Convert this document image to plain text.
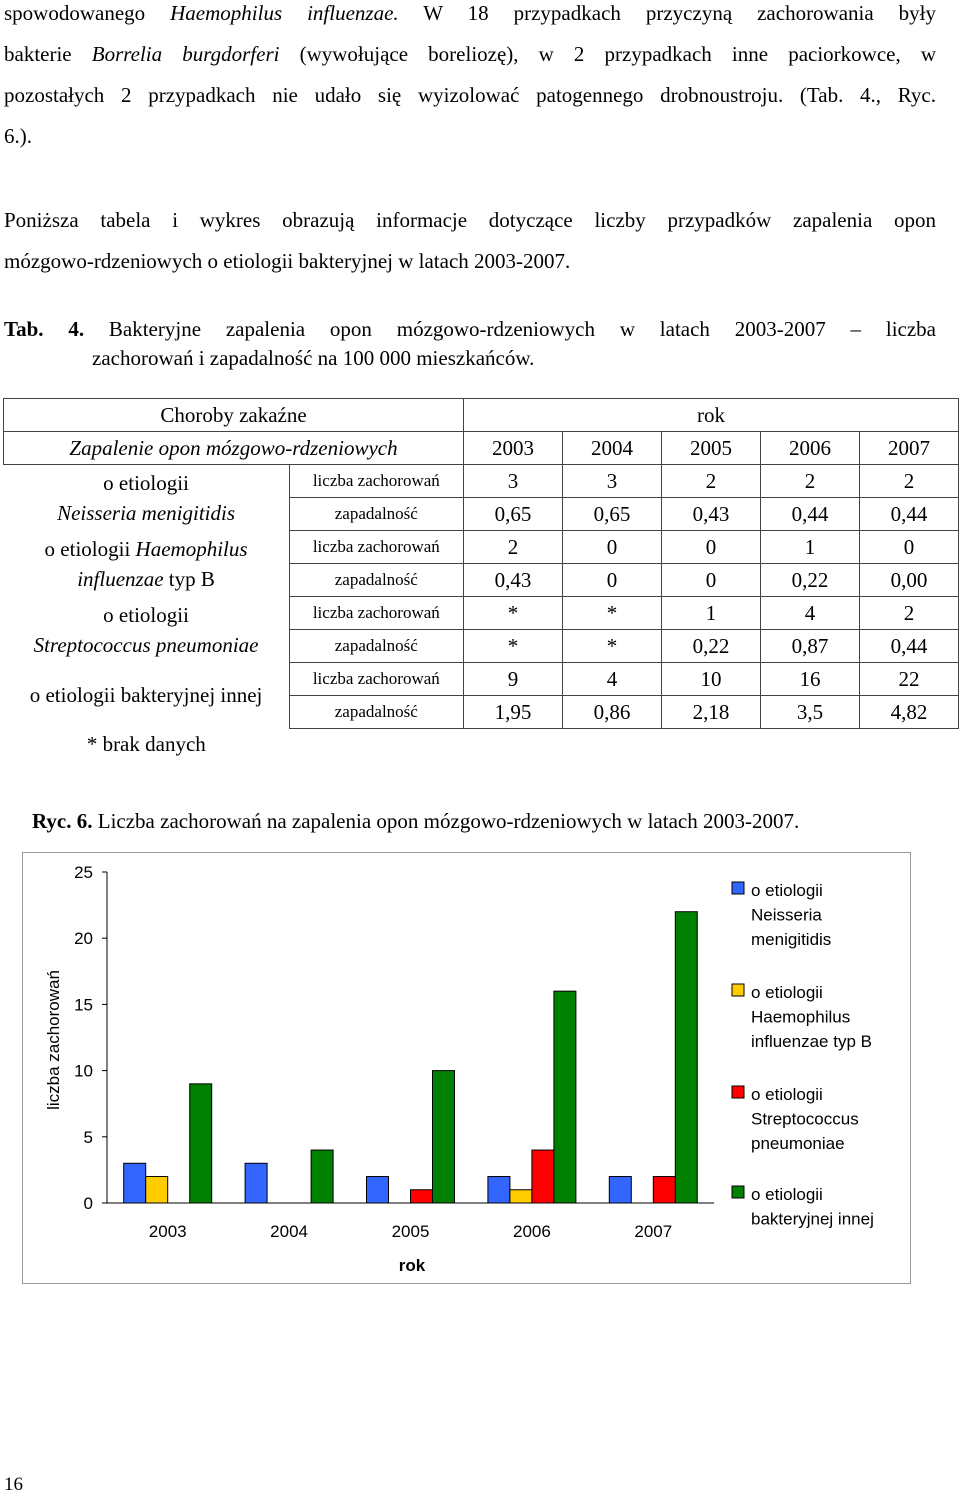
spowodowanego Haemophilus influenzae. W 18 przypadkach przyczyną zachorowania były
bakterie Borrelia burgdorferi (wywołujące boreliozę), w 2 przypadkach inne paciorkowce, w
pozostałych 2 przypadkach nie udało się wyizolować patogennego drobnoustroju. (Tab. 4., Ryc.
6.).
Poniższa tabela i wykres obrazują informacje dotyczące liczby przypadków zapalenia opon
mózgowo-rdzeniowych o etiologii bakteryjnej w latach 2003-2007.
Tab. 4. Bakteryjne zapalenia opon mózgowo-rdzeniowych w latach 2003-2007 – liczba
zachorowań i zapadalność na 100 000 mieszkańców.
Choroby zakaźne		rok				
Zapalenie opon mózgowo-rdzeniowych		2003	2004	2005	2006	2007
o etiologii
Neisseria menigitidis	liczba zachorowań	3	3	2	2	2
	zapadalność	0,65	0,65	0,43	0,44	0,44
o etiologii Haemophilus
influenzae typ B	liczba zachorowań	2	0	0	1	0
	zapadalność	0,43	0	0	0,22	0,00
o etiologii
Streptococcus pneumoniae	liczba zachorowań	*	*	1	4	2
	zapadalność	*	*	0,22	0,87	0,44
o etiologii bakteryjnej innej	liczba zachorowań	9	4	10	16	22
	zapadalność	1,95	0,86	2,18	3,5	4,82
* brak danych						
Ryc. 6. Liczba zachorowań na zapalenia opon mózgowo-rdzeniowych w latach 2003-2007.
0
5
10
15
20
25
liczba zachorowań
2003	2004	2005	2006	2007
rok
o etiologii
Neisseria
menigitidis
o etiologii
Haemophilus
influenzae typ B
o etiologii
Streptococcus
pneumoniae
o etiologii
bakteryjnej innej
16
